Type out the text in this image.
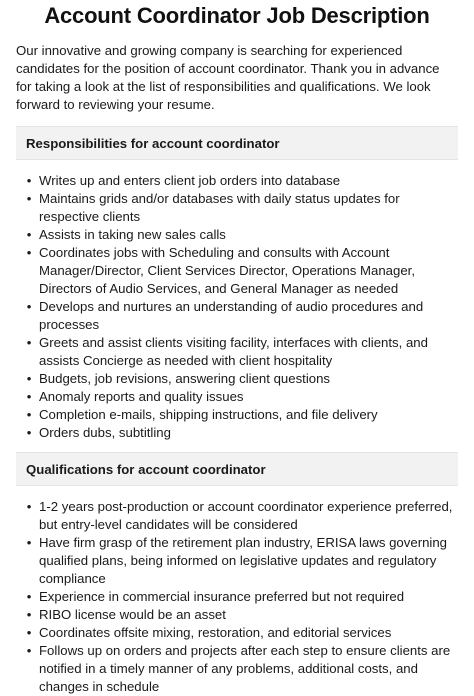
Account Coordinator Job Description

Our innovative and growing company is searching for experienced candidates for the position of account coordinator. Thank you in advance for taking a look at the list of responsibilities and qualifications. We look forward to reviewing your resume.

Responsibilities for account coordinator
• Writes up and enters client job orders into database
• Maintains grids and/or databases with daily status updates for respective clients
• Assists in taking new sales calls
• Coordinates jobs with Scheduling and consults with Account Manager/Director, Client Services Director, Operations Manager, Directors of Audio Services, and General Manager as needed
• Develops and nurtures an understanding of audio procedures and processes
• Greets and assist clients visiting facility, interfaces with clients, and assists Concierge as needed with client hospitality
• Budgets, job revisions, answering client questions
• Anomaly reports and quality issues
• Completion e-mails, shipping instructions, and file delivery
• Orders dubs, subtitling
Qualifications for account coordinator
• 1-2 years post-production or account coordinator experience preferred, but entry-level candidates will be considered
• Have firm grasp of the retirement plan industry, ERISA laws governing qualified plans, being informed on legislative updates and regulatory compliance
• Experience in commercial insurance preferred but not required
• RIBO license would be an asset
• Coordinates offsite mixing, restoration, and editorial services
• Follows up on orders and projects after each step to ensure clients are notified in a timely manner of any problems, additional costs, and changes in schedule
